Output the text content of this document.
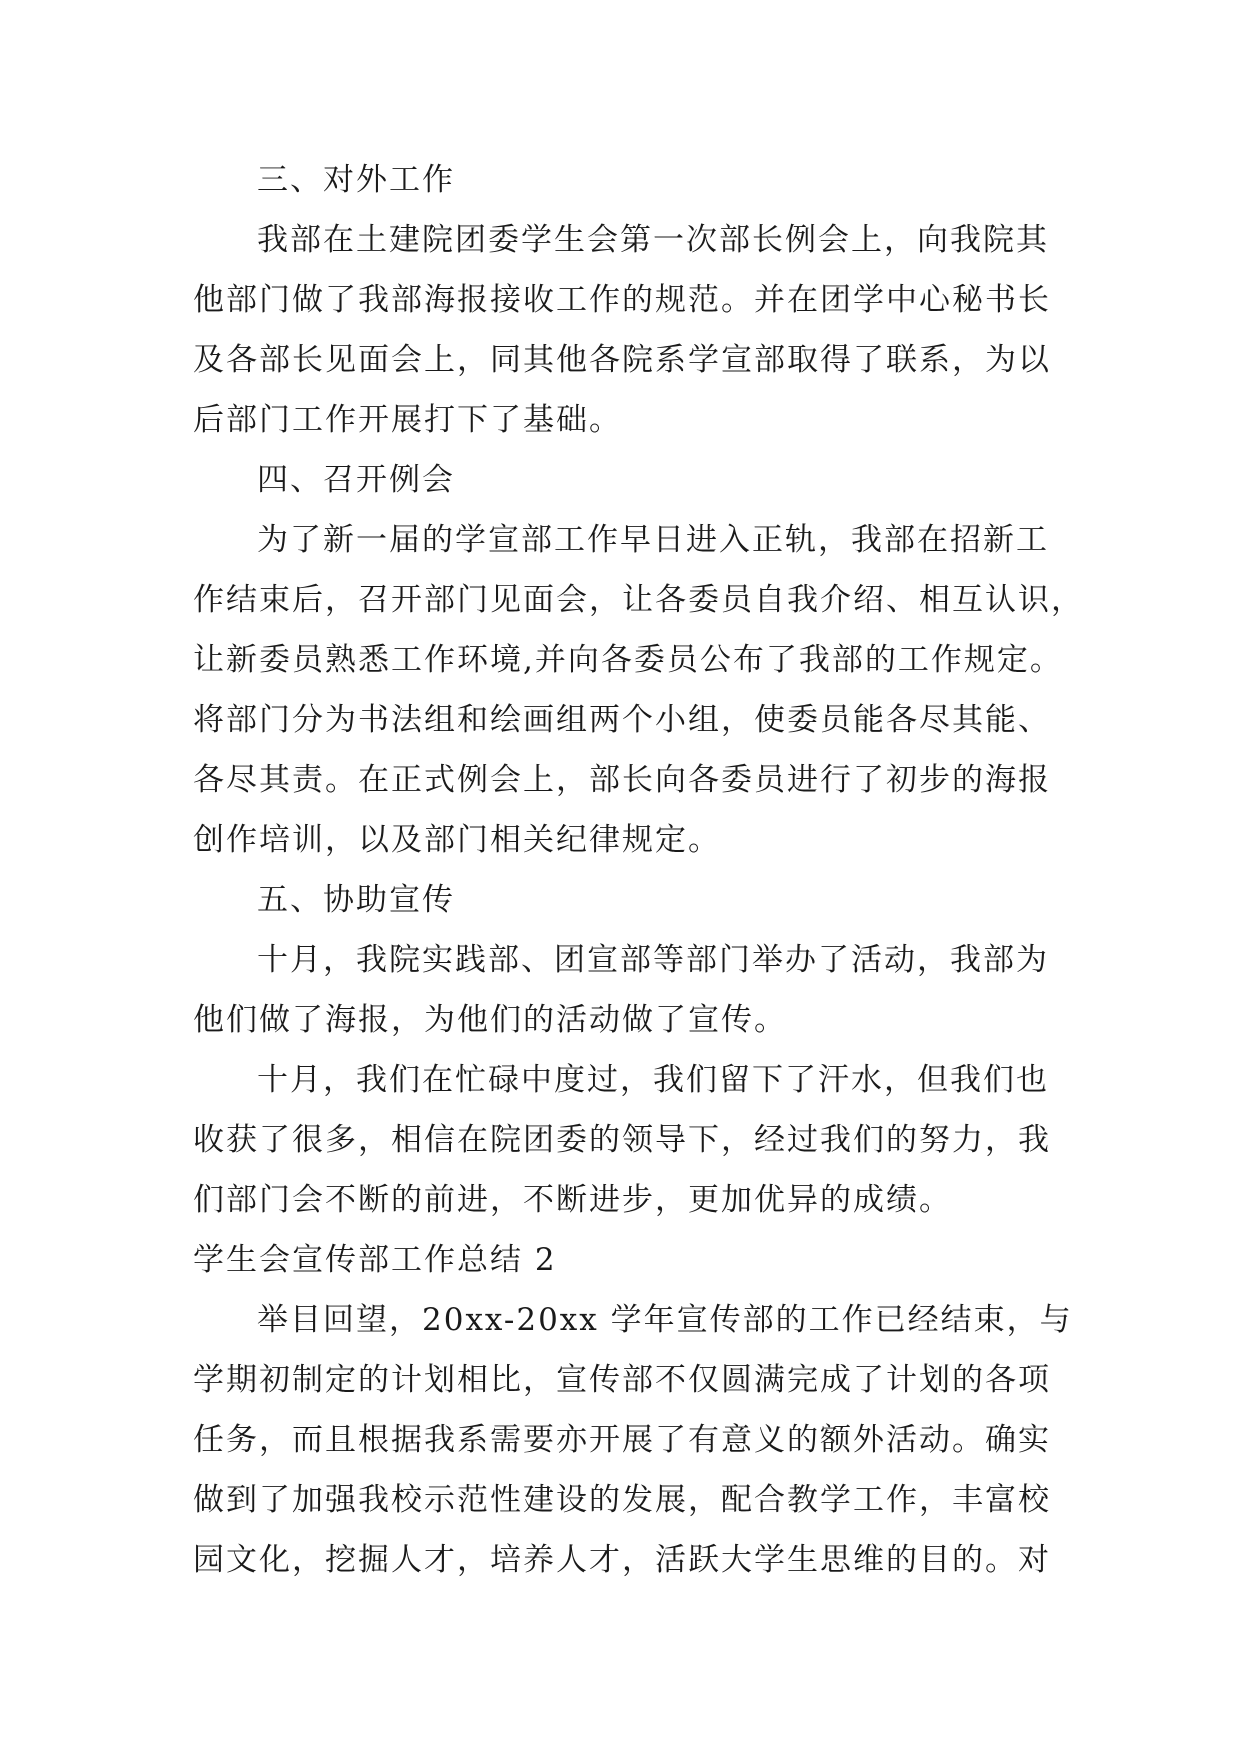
三、对外工作
我部在土建院团委学生会第一次部长例会上，向我院其
他部门做了我部海报接收工作的规范。并在团学中心秘书长
及各部长见面会上，同其他各院系学宣部取得了联系，为以
后部门工作开展打下了基础。
四、召开例会
为了新一届的学宣部工作早日进入正轨，我部在招新工
作结束后，召开部门见面会，让各委员自我介绍、相互认识，
让新委员熟悉工作环境,并向各委员公布了我部的工作规定。
将部门分为书法组和绘画组两个小组，使委员能各尽其能、
各尽其责。在正式例会上，部长向各委员进行了初步的海报
创作培训，以及部门相关纪律规定。
五、协助宣传
十月，我院实践部、团宣部等部门举办了活动，我部为
他们做了海报，为他们的活动做了宣传。
十月，我们在忙碌中度过，我们留下了汗水，但我们也
收获了很多，相信在院团委的领导下，经过我们的努力，我
们部门会不断的前进，不断进步，更加优异的成绩。
学生会宣传部工作总结 2
举目回望，20xx-20xx 学年宣传部的工作已经结束，与
学期初制定的计划相比，宣传部不仅圆满完成了计划的各项
任务，而且根据我系需要亦开展了有意义的额外活动。确实
做到了加强我校示范性建设的发展，配合教学工作，丰富校
园文化，挖掘人才，培养人才，活跃大学生思维的目的。对
